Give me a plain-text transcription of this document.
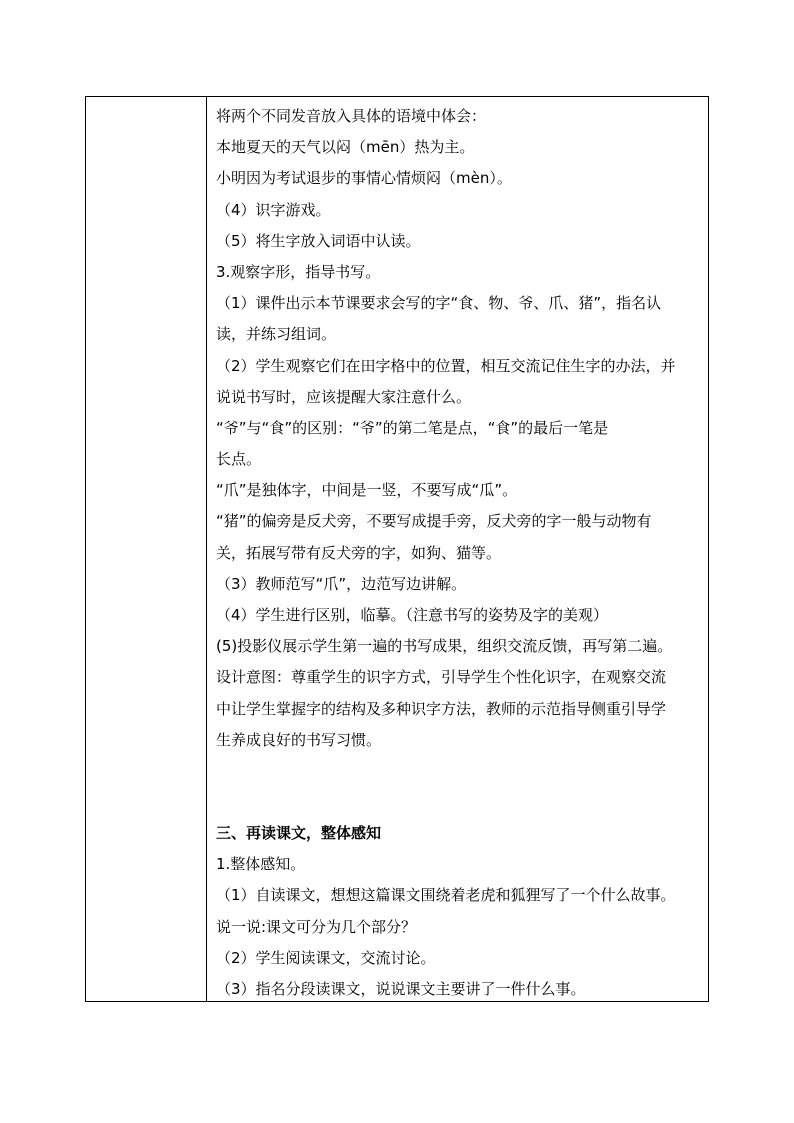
将两个不同发音放入具体的语境中体会：
本地夏天的天气以闷（mēn）热为主。
小明因为考试退步的事情心情烦闷（mèn）。
（4）识字游戏。
（5）将生字放入词语中认读。
3.观察字形，指导书写。
（1）课件出示本节课要求会写的字“食、物、爷、爪、猪”，指名认
读，并练习组词。
（2）学生观察它们在田字格中的位置，相互交流记住生字的办法，并
说说书写时，应该提醒大家注意什么。
“爷”与“食”的区别：“爷”的第二笔是点，“食”的最后一笔是
长点。
“爪”是独体字，中间是一竖，不要写成“瓜”。
“猪”的偏旁是反犬旁，不要写成提手旁，反犬旁的字一般与动物有
关，拓展写带有反犬旁的字，如狗、猫等。
（3）教师范写“爪”，边范写边讲解。
（4）学生进行区别，临摹。（注意书写的姿势及字的美观）
(5)投影仪展示学生第一遍的书写成果，组织交流反馈，再写第二遍。
设计意图：尊重学生的识字方式，引导学生个性化识字，在观察交流
中让学生掌握字的结构及多种识字方法，教师的示范指导侧重引导学
生养成良好的书写习惯。
三、再读课文，整体感知
1.整体感知。
（1）自读课文，想想这篇课文围绕着老虎和狐狸写了一个什么故事。
说一说:课文可分为几个部分？
（2）学生阅读课文，交流讨论。
（3）指名分段读课文，说说课文主要讲了一件什么事。
